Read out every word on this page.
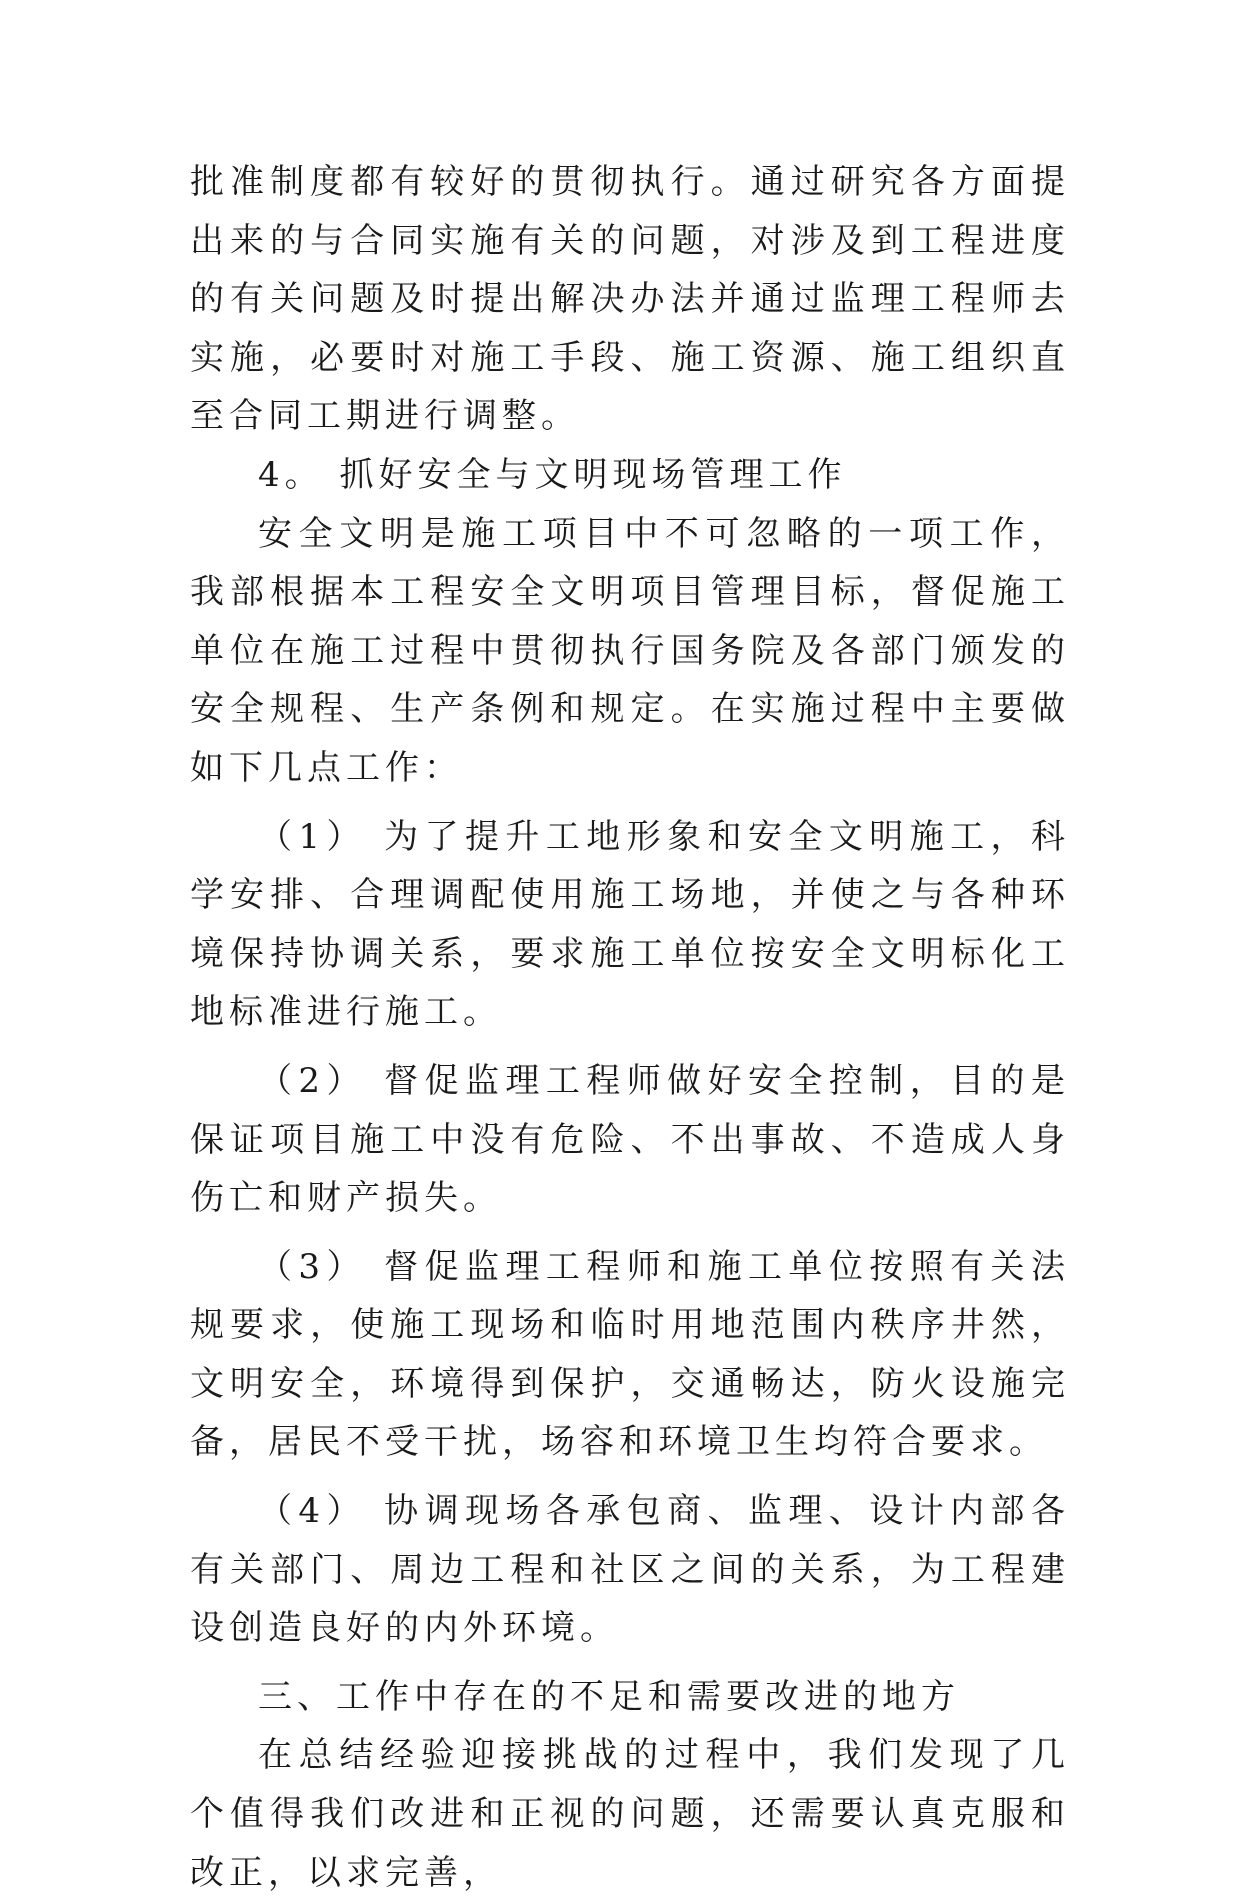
批准制度都有较好的贯彻执行。通过研究各方面提出来的与合同实施有关的问题，对涉及到工程进度的有关问题及时提出解决办法并通过监理工程师去实施，必要时对施工手段、施工资源、施工组织直至合同工期进行调整。

4。 抓好安全与文明现场管理工作

安全文明是施工项目中不可忽略的一项工作，我部根据本工程安全文明项目管理目标，督促施工单位在施工过程中贯彻执行国务院及各部门颁发的安全规程、生产条例和规定。在实施过程中主要做如下几点工作：

（1） 为了提升工地形象和安全文明施工，科学安排、合理调配使用施工场地，并使之与各种环境保持协调关系，要求施工单位按安全文明标化工地标准进行施工。

（2） 督促监理工程师做好安全控制，目的是保证项目施工中没有危险、不出事故、不造成人身伤亡和财产损失。

（3） 督促监理工程师和施工单位按照有关法规要求，使施工现场和临时用地范围内秩序井然，文明安全，环境得到保护，交通畅达，防火设施完备，居民不受干扰，场容和环境卫生均符合要求。

（4） 协调现场各承包商、监理、设计内部各有关部门、周边工程和社区之间的关系，为工程建设创造良好的内外环境。

三、工作中存在的不足和需要改进的地方

在总结经验迎接挑战的过程中，我们发现了几个值得我们改进和正视的问题，还需要认真克服和改正，以求完善，
